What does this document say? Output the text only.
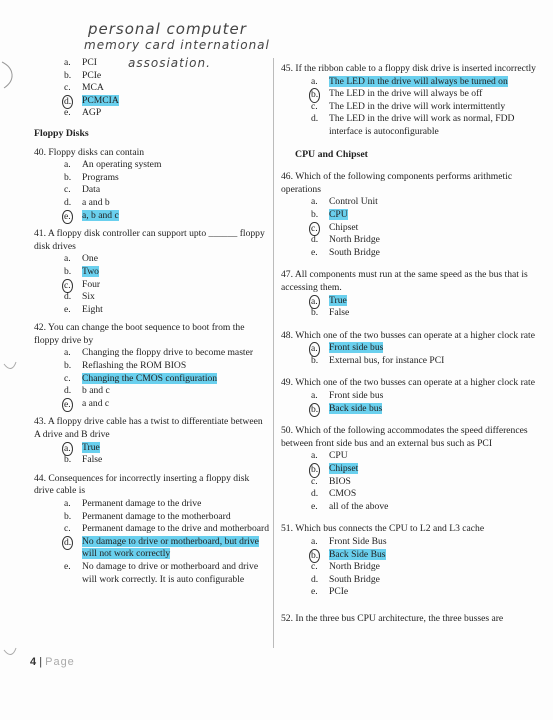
personal computer
memory card international
assosiation.
a. PCI
b. PCIe
c. MCA
d. PCMCIA
e. AGP
Floppy Disks
40. Floppy disks can contain
a. An operating system
b. Programs
c. Data
d. a and b
e. a, b and c
41. A floppy disk controller can support upto ______ floppy disk drives
a. One
b. Two
c. Four
d. Six
e. Eight
42. You can change the boot sequence to boot from the floppy drive by
a. Changing the floppy drive to become master
b. Reflashing the ROM BIOS
c. Changing the CMOS configuration
d. b and c
e. a and c
43. A floppy drive cable has a twist to differentiate between A drive and B drive
a. True
b. False
44. Consequences for incorrectly inserting a floppy disk drive cable is
a. Permanent damage to the drive
b. Permanent damage to the motherboard
c. Permanent damage to the drive and motherboard
d. No damage to drive or motherboard, but drive will not work correctly
e. No damage to drive or motherboard and drive will work correctly. It is auto configurable
45. If the ribbon cable to a floppy disk drive is inserted incorrectly
a. The LED in the drive will always be turned on
b. The LED in the drive will always be off
c. The LED in the drive will work intermittently
d. The LED in the drive will work as normal, FDD interface is autoconfigurable
CPU and Chipset
46. Which of the following components performs arithmetic operations
a. Control Unit
b. CPU
c. Chipset
d. North Bridge
e. South Bridge
47. All components must run at the same speed as the bus that is accessing them.
a. True
b. False
48. Which one of the two busses can operate at a higher clock rate
a. Front side bus
b. External bus, for instance PCI
49. Which one of the two busses can operate at a higher clock rate
a. Front side bus
b. Back side bus
50. Which of the following accommodates the speed differences between front side bus and an external bus such as PCI
a. CPU
b. Chipset
c. BIOS
d. CMOS
e. all of the above
51. Which bus connects the CPU to L2 and L3 cache
a. Front Side Bus
b. Back Side Bus
c. North Bridge
d. South Bridge
e. PCIe
52. In the three bus CPU architecture, the three busses are
4 | Page
